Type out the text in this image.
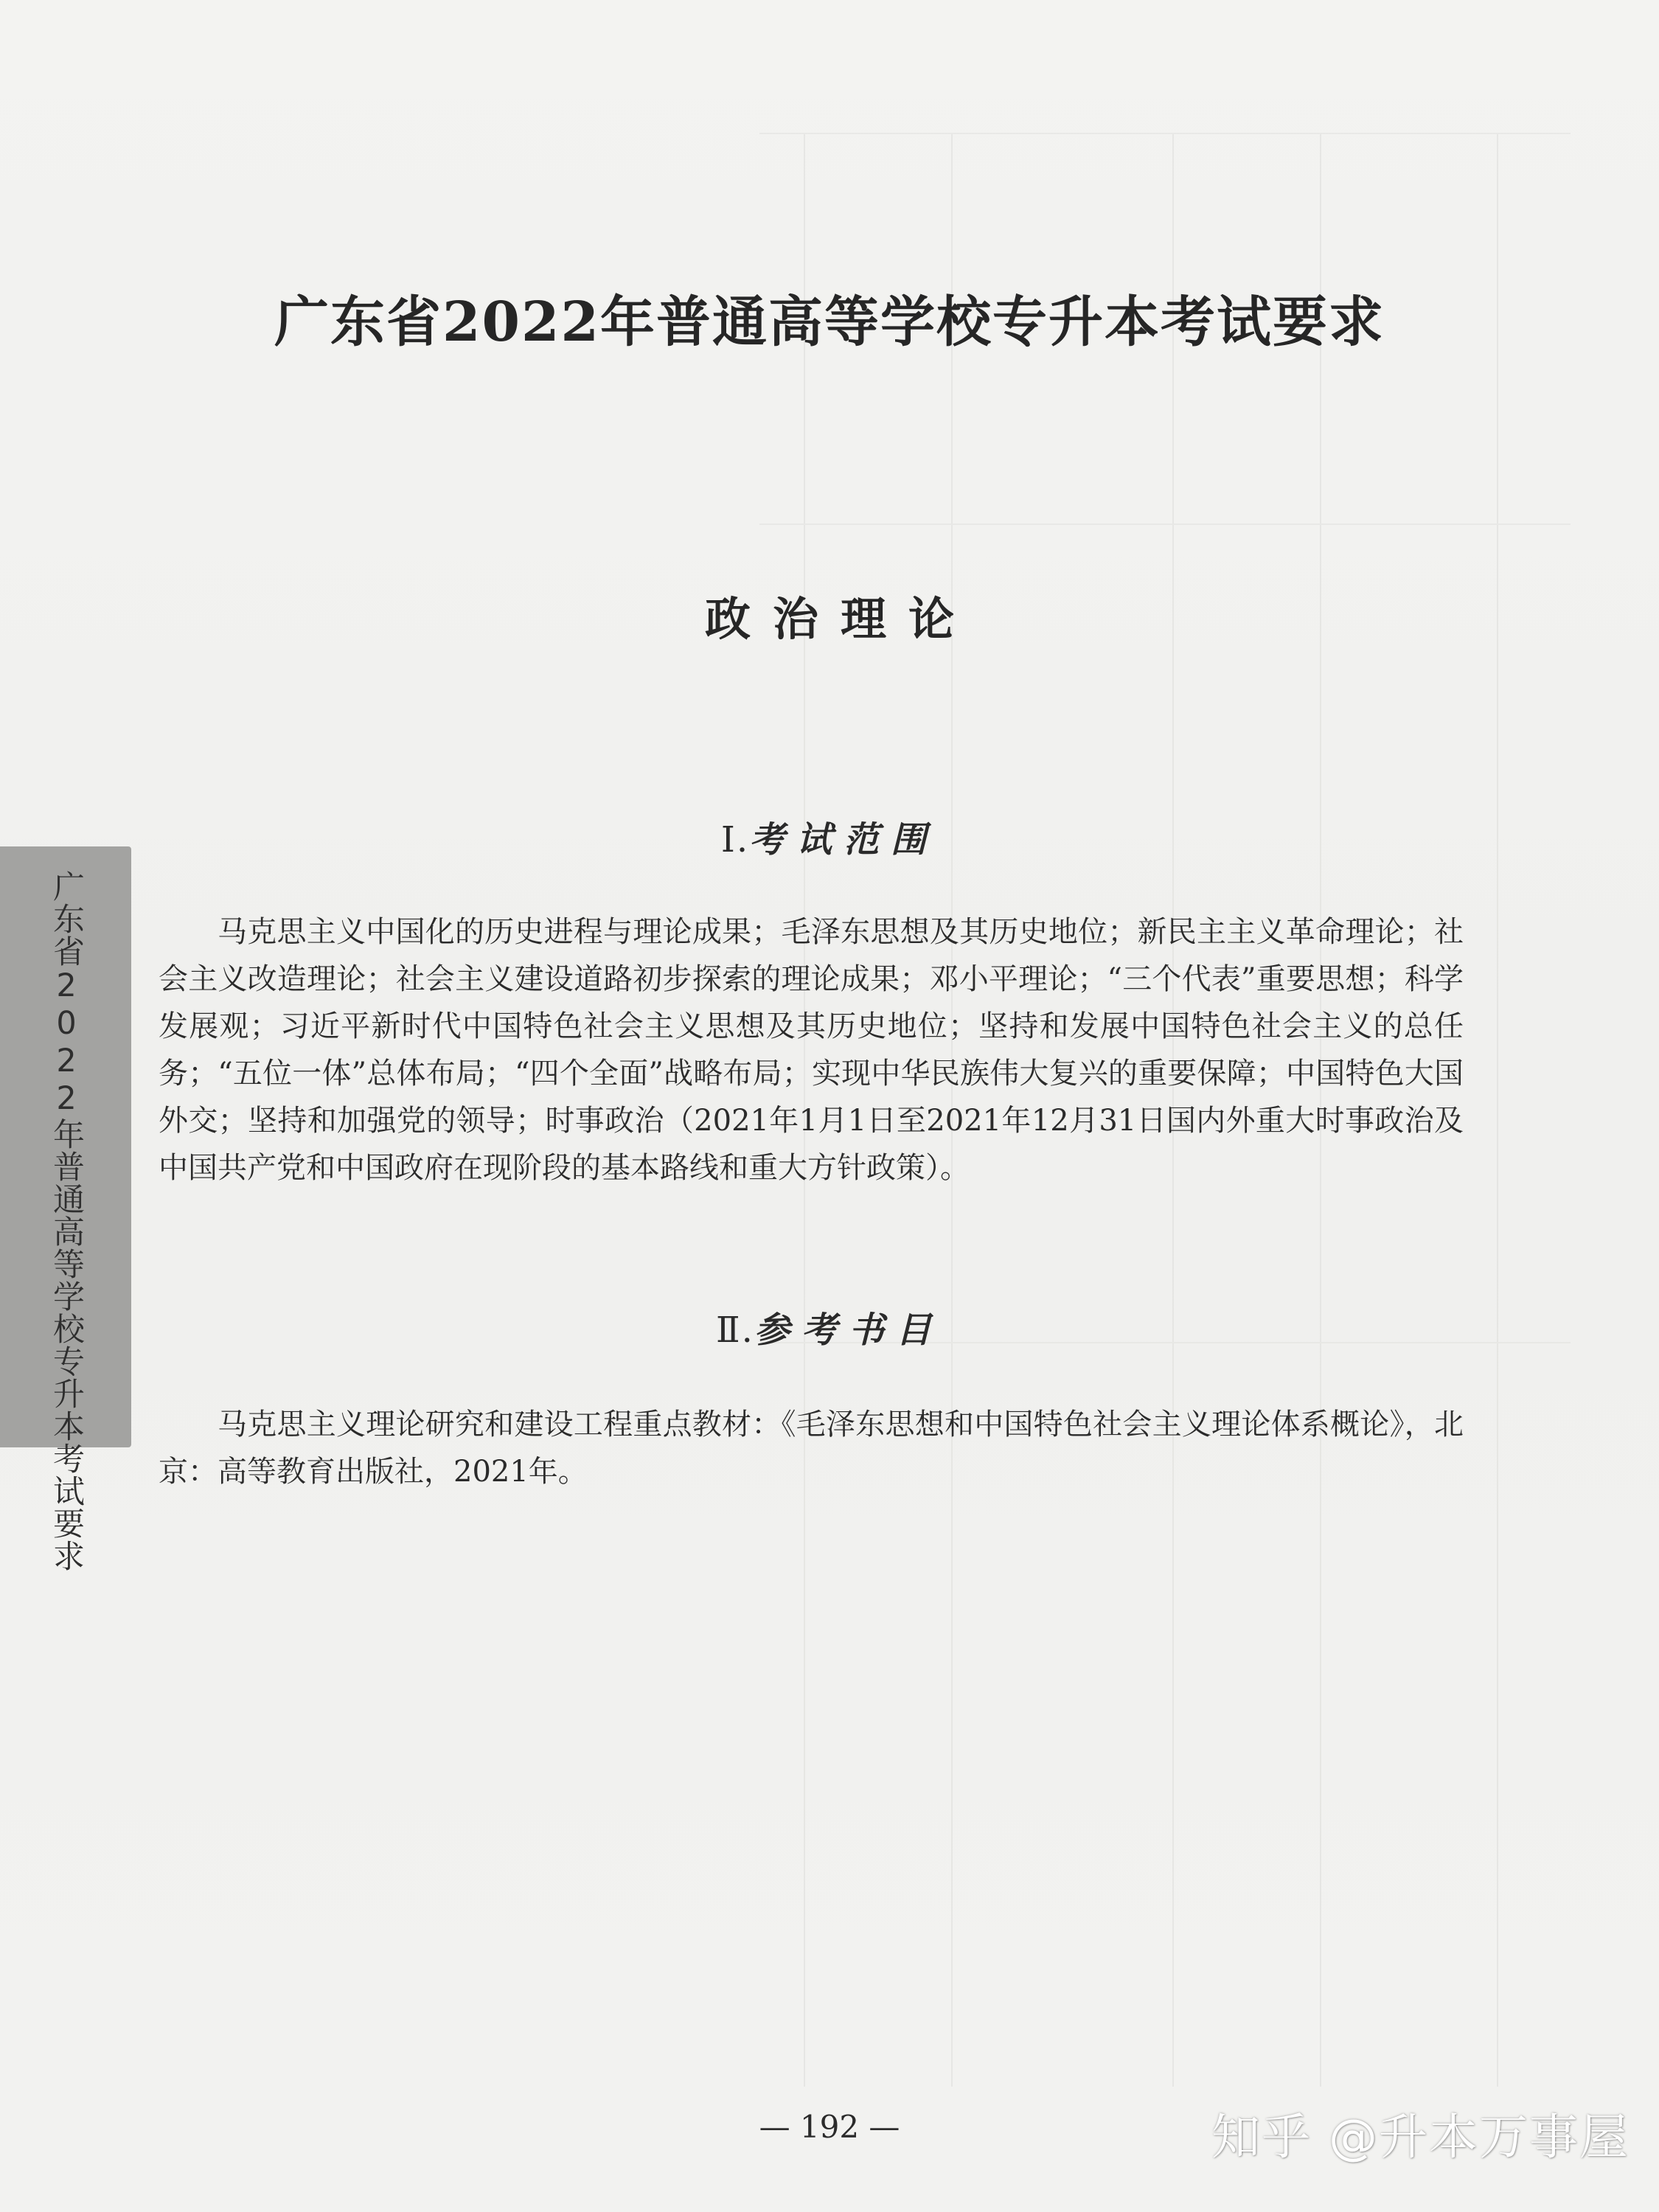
广东省2022年普通高等学校专升本考试要求
政治理论
Ⅰ.考试范围

马克思主义中国化的历史进程与理论成果；毛泽东思想及其历史地位；新民主主义革命理论；社会主义改造理论；社会主义建设道路初步探索的理论成果；邓小平理论；“三个代表”重要思想；科学发展观；习近平新时代中国特色社会主义思想及其历史地位；坚持和发展中国特色社会主义的总任务；“五位一体”总体布局；“四个全面”战略布局；实现中华民族伟大复兴的重要保障；中国特色大国外交；坚持和加强党的领导；时事政治（2021年1月1日至2021年12月31日国内外重大时事政治及中国共产党和中国政府在现阶段的基本路线和重大方针政策）。

Ⅱ.参考书目

马克思主义理论研究和建设工程重点教材：《毛泽东思想和中国特色社会主义理论体系概论》，北京：高等教育出版社，2021年。

广东省2022年普通高等学校专升本考试要求

— 192 —	知乎 @升本万事屋
